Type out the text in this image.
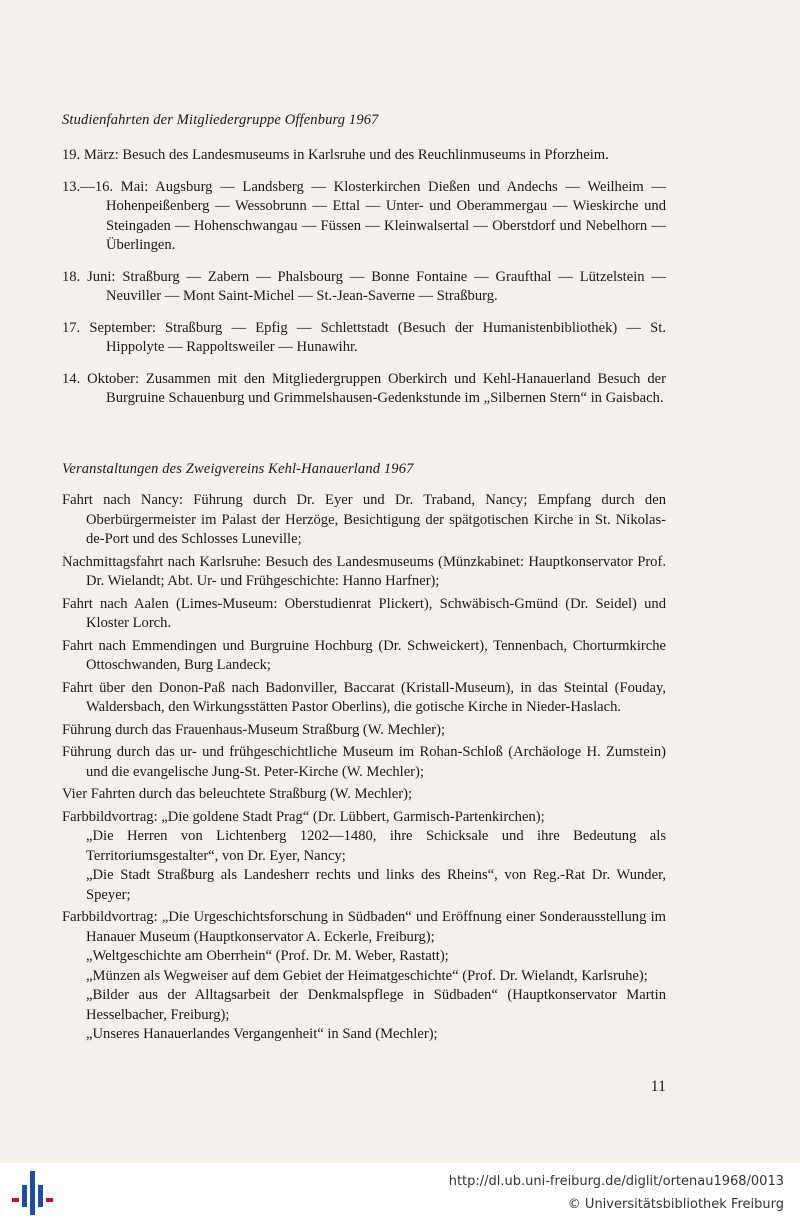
Studienfahrten der Mitgliedergruppe Offenburg 1967

19. März: Besuch des Landesmuseums in Karlsruhe und des Reuchlinmuseums in Pforzheim.

13.—16. Mai: Augsburg — Landsberg — Klosterkirchen Dießen und Andechs — Weilheim — Hohenpeißenberg — Wessobrunn — Ettal — Unter- und Oberammergau — Wieskirche und Steingaden — Hohenschwangau — Füssen — Kleinwalsertal — Oberstdorf und Nebelhorn — Überlingen.

18. Juni: Straßburg — Zabern — Phalsbourg — Bonne Fontaine — Graufthal — Lützelstein — Neuviller — Mont Saint-Michel — St.-Jean-Saverne — Straßburg.

17. September: Straßburg — Epfig — Schlettstadt (Besuch der Humanistenbibliothek) — St. Hippolyte — Rappoltsweiler — Hunawihr.

14. Oktober: Zusammen mit den Mitgliedergruppen Oberkirch und Kehl-Hanauerland Besuch der Burgruine Schauenburg und Grimmelshausen-Gedenkstunde im „Silbernen Stern“ in Gaisbach.

Veranstaltungen des Zweigvereins Kehl-Hanauerland 1967

Fahrt nach Nancy: Führung durch Dr. Eyer und Dr. Traband, Nancy; Empfang durch den Oberbürgermeister im Palast der Herzöge, Besichtigung der spätgotischen Kirche in St. Nikolas-de-Port und des Schlosses Luneville;

Nachmittagsfahrt nach Karlsruhe: Besuch des Landesmuseums (Münzkabinet: Hauptkonservator Prof. Dr. Wielandt; Abt. Ur- und Frühgeschichte: Hanno Harfner);

Fahrt nach Aalen (Limes-Museum: Oberstudienrat Plickert), Schwäbisch-Gmünd (Dr. Seidel) und Kloster Lorch.

Fahrt nach Emmendingen und Burgruine Hochburg (Dr. Schweickert), Tennenbach, Chorturmkirche Ottoschwanden, Burg Landeck;

Fahrt über den Donon-Paß nach Badonviller, Baccarat (Kristall-Museum), in das Steintal (Fouday, Waldersbach, den Wirkungsstätten Pastor Oberlins), die gotische Kirche in Nieder-Haslach.

Führung durch das Frauenhaus-Museum Straßburg (W. Mechler);

Führung durch das ur- und frühgeschichtliche Museum im Rohan-Schloß (Archäologe H. Zumstein) und die evangelische Jung-St. Peter-Kirche (W. Mechler);

Vier Fahrten durch das beleuchtete Straßburg (W. Mechler);

Farbbildvortrag: „Die goldene Stadt Prag“ (Dr. Lübbert, Garmisch-Partenkirchen);

„Die Herren von Lichtenberg 1202—1480, ihre Schicksale und ihre Bedeutung als Territoriumsgestalter“, von Dr. Eyer, Nancy;

„Die Stadt Straßburg als Landesherr rechts und links des Rheins“, von Reg.-Rat Dr. Wunder, Speyer;

Farbbildvortrag: „Die Urgeschichtsforschung in Südbaden“ und Eröffnung einer Sonderausstellung im Hanauer Museum (Hauptkonservator A. Eckerle, Freiburg);

„Weltgeschichte am Oberrhein“ (Prof. Dr. M. Weber, Rastatt);

„Münzen als Wegweiser auf dem Gebiet der Heimatgeschichte“ (Prof. Dr. Wielandt, Karlsruhe);

„Bilder aus der Alltagsarbeit der Denkmalspflege in Südbaden“ (Hauptkonservator Martin Hesselbacher, Freiburg);

„Unseres Hanauerlandes Vergangenheit“ in Sand (Mechler);

11
http://dl.ub.uni-freiburg.de/diglit/ortenau1968/0013
© Universitätsbibliothek Freiburg
